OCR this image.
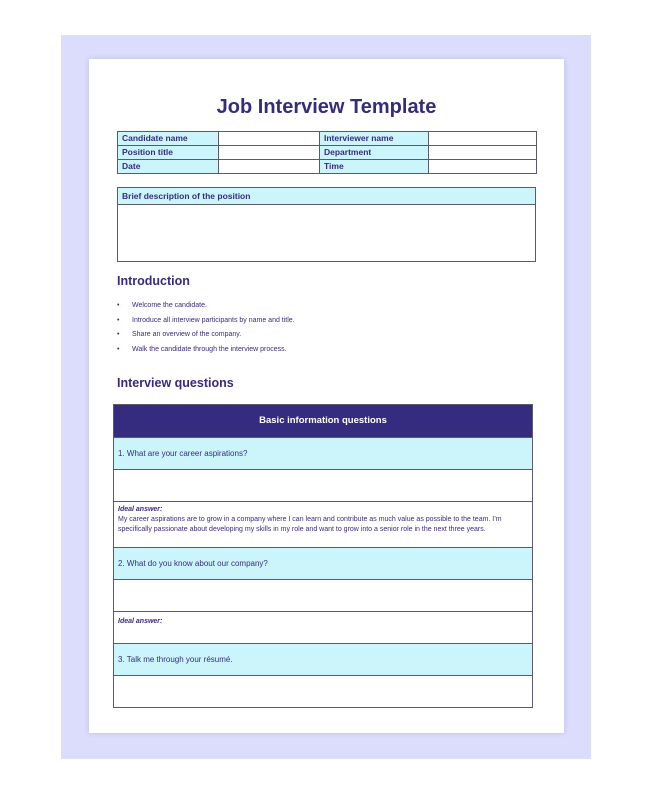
Job Interview Template
Candidate name		Interviewer name	
Position title		Department	
Date		Time	
Brief description of the position
Introduction
• Welcome the candidate.
• Introduce all interview participants by name and title.
• Share an overview of the company.
• Walk the candidate through the interview process.
Interview questions
Basic information questions
1. What are your career aspirations?
Ideal answer:
My career aspirations are to grow in a company where I can learn and contribute as much value as possible to the team. I’m specifically passionate about developing my skills in my role and want to grow into a senior role in the next three years.
2. What do you know about our company?
Ideal answer:
3. Talk me through your résumé.
